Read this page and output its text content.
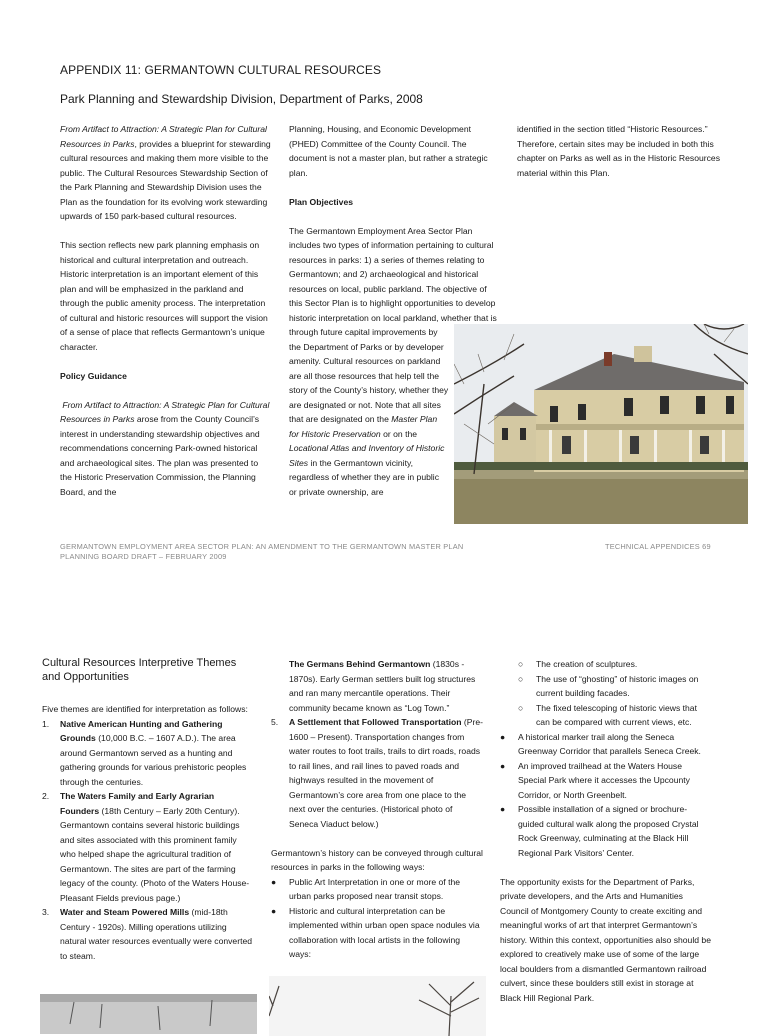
APPENDIX 11: GERMANTOWN CULTURAL RESOURCES
Park Planning and Stewardship Division, Department of Parks, 2008

From Artifact to Attraction: A Strategic Plan for Cultural Resources in Parks, provides a blueprint for stewarding cultural resources and making them more visible to the public. The Cultural Resources Stewardship Section of the Park Planning and Stewardship Division uses the Plan as the foundation for its evolving work stewarding upwards of 150 park-based cultural resources.

This section reflects new park planning emphasis on historical and cultural interpretation and outreach. Historic interpretation is an important element of this plan and will be emphasized in the parkland and through the public amenity process. The interpretation of cultural and historic resources will support the vision of a sense of place that reflects Germantown’s unique character.

Policy Guidance

From Artifact to Attraction: A Strategic Plan for Cultural Resources in Parks arose from the County Council’s interest in understanding stewardship objectives and recommendations concerning Park-owned historical and archaeological sites. The plan was presented to the Historic Preservation Commission, the Planning Board, and the

Planning, Housing, and Economic Development (PHED) Committee of the County Council. The document is not a master plan, but rather a strategic plan.

Plan Objectives

The Germantown Employment Area Sector Plan includes two types of information pertaining to cultural resources in parks: 1) a series of themes relating to Germantown; and 2) archaeological and historical resources on local, public parkland. The objective of this Sector Plan is to highlight opportunities to develop historic interpretation on local parkland, whether that is
through future capital improvements by the Department of Parks or by developer amenity. Cultural resources on parkland are all those resources that help tell the story of the County’s history, whether they are designated or not. Note that all sites that are designated on the Master Plan for Historic Preservation or on the Locational Atlas and Inventory of Historic Sites in the Germantown vicinity, regardless of whether they are in public or private ownership, are

identified in the section titled “Historic Resources.” Therefore, certain sites may be included in both this chapter on Parks as well as in the Historic Resources material within this Plan.

GERMANTOWN EMPLOYMENT AREA SECTOR PLAN: AN AMENDMENT TO THE GERMANTOWN MASTER PLAN
PLANNING BOARD DRAFT – FEBRUARY 2009
TECHNICAL APPENDICES 69
Cultural Resources Interpretive Themes and Opportunities

Five themes are identified for interpretation as follows:

1. Native American Hunting and Gathering Grounds (10,000 B.C. – 1607 A.D.). The area around Germantown served as a hunting and gathering grounds for various prehistoric peoples through the centuries.
2. The Waters Family and Early Agrarian Founders (18th Century – Early 20th Century). Germantown contains several historic buildings and sites associated with this prominent family who helped shape the agricultural tradition of Germantown. The sites are part of the farming legacy of the county. (Photo of the Waters House-Pleasant Fields previous page.)
3. Water and Steam Powered Mills (mid-18th Century - 1920s). Milling operations utilizing natural water resources eventually were converted to steam.
The Germans Behind Germantown (1830s - 1870s). Early German settlers built log structures and ran many mercantile operations. Their community became known as “Log Town.”
5. A Settlement that Followed Transportation (Pre-1600 – Present). Transportation changes from water routes to foot trails, trails to dirt roads, roads to rail lines, and rail lines to paved roads and highways resulted in the movement of Germantown’s core area from one place to the next over the centuries. (Historical photo of Seneca Viaduct below.)

Germantown’s history can be conveyed through cultural resources in parks in the following ways:

● Public Art Interpretation in one or more of the urban parks proposed near transit stops.
● Historic and cultural interpretation can be implemented within urban open space nodules via collaboration with local artists in the following ways:
○ The creation of sculptures.
○ The use of “ghosting” of historic images on current building facades.
○ The fixed telescoping of historic views that can be compared with current views, etc.
● A historical marker trail along the Seneca Greenway Corridor that parallels Seneca Creek.
● An improved trailhead at the Waters House Special Park where it accesses the Upcounty Corridor, or North Greenbelt.
● Possible installation of a signed or brochure-guided cultural walk along the proposed Crystal Rock Greenway, culminating at the Black Hill Regional Park Visitors’ Center.

The opportunity exists for the Department of Parks, private developers, and the Arts and Humanities Council of Montgomery County to create exciting and meaningful works of art that interpret Germantown’s history. Within this context, opportunities also should be explored to creatively make use of some of the large local boulders from a dismantled Germantown railroad culvert, since these boulders still exist in storage at Black Hill Regional Park.
